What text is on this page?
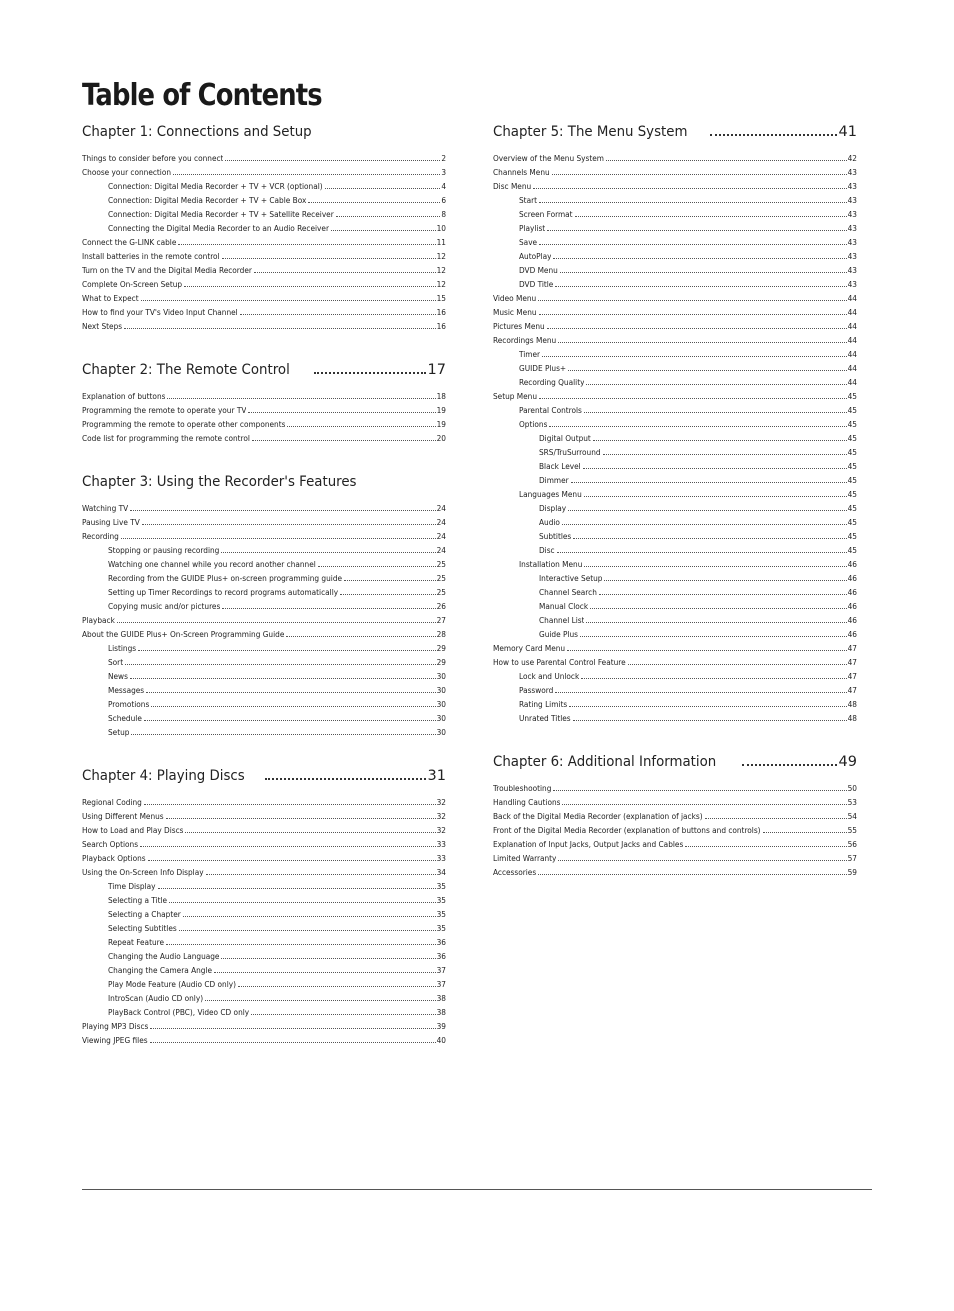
Table of Contents
Chapter 1: Connections and Setup
Things to consider before you connect	2
Choose your connection	3
Connection: Digital Media Recorder + TV + VCR (optional)	4
Connection: Digital Media Recorder + TV + Cable Box	6
Connection: Digital Media Recorder + TV + Satellite Receiver	8
Connecting the Digital Media Recorder to an Audio Receiver	10
Connect the G-LINK cable	11
Install batteries in the remote control	12
Turn on the TV and the Digital Media Recorder	12
Complete On-Screen Setup	12
What to Expect	15
How to find your TV's Video Input Channel	16
Next Steps	16
Chapter 2: The Remote Control	17
Explanation of buttons	18
Programming the remote to operate your TV	19
Programming the remote to operate other components	19
Code list for programming the remote control	20
Chapter 3: Using the Recorder's Features
Watching TV	24
Pausing Live TV	24
Recording	24
Stopping or pausing recording	24
Watching one channel while you record another channel	25
Recording from the GUIDE Plus+ on-screen programming guide	25
Setting up Timer Recordings to record programs automatically	25
Copying music and/or pictures	26
Playback	27
About the GUIDE Plus+ On-Screen Programming Guide	28
Listings	29
Sort	29
News	30
Messages	30
Promotions	30
Schedule	30
Setup	30
Chapter 4: Playing Discs	31
Regional Coding	32
Using Different Menus	32
How to Load and Play Discs	32
Search Options	33
Playback Options	33
Using the On-Screen Info Display	34
Time Display	35
Selecting a Title	35
Selecting a Chapter	35
Selecting Subtitles	35
Repeat Feature	36
Changing the Audio Language	36
Changing the Camera Angle	37
Play Mode Feature (Audio CD only)	37
IntroScan (Audio CD only)	38
PlayBack Control (PBC), Video CD only	38
Playing MP3 Discs	39
Viewing JPEG files	40
Chapter 5: The Menu System	41
Overview of the Menu System	42
Channels Menu	43
Disc Menu	43
Start	43
Screen Format	43
Playlist	43
Save	43
AutoPlay	43
DVD Menu	43
DVD Title	43
Video Menu	44
Music Menu	44
Pictures Menu	44
Recordings Menu	44
Timer	44
GUIDE Plus+	44
Recording Quality	44
Setup Menu	45
Parental Controls	45
Options	45
Digital Output	45
SRS/TruSurround	45
Black Level	45
Dimmer	45
Languages Menu	45
Display	45
Audio	45
Subtitles	45
Disc	45
Installation Menu	46
Interactive Setup	46
Channel Search	46
Manual Clock	46
Channel List	46
Guide Plus	46
Memory Card Menu	47
How to use Parental Control Feature	47
Lock and Unlock	47
Password	47
Rating Limits	48
Unrated Titles	48
Chapter 6: Additional Information	49
Troubleshooting	50
Handling Cautions	53
Back of the Digital Media Recorder (explanation of jacks)	54
Front of the Digital Media Recorder (explanation of buttons and controls)	55
Explanation of Input Jacks, Output Jacks and Cables	56
Limited Warranty	57
Accessories	59
